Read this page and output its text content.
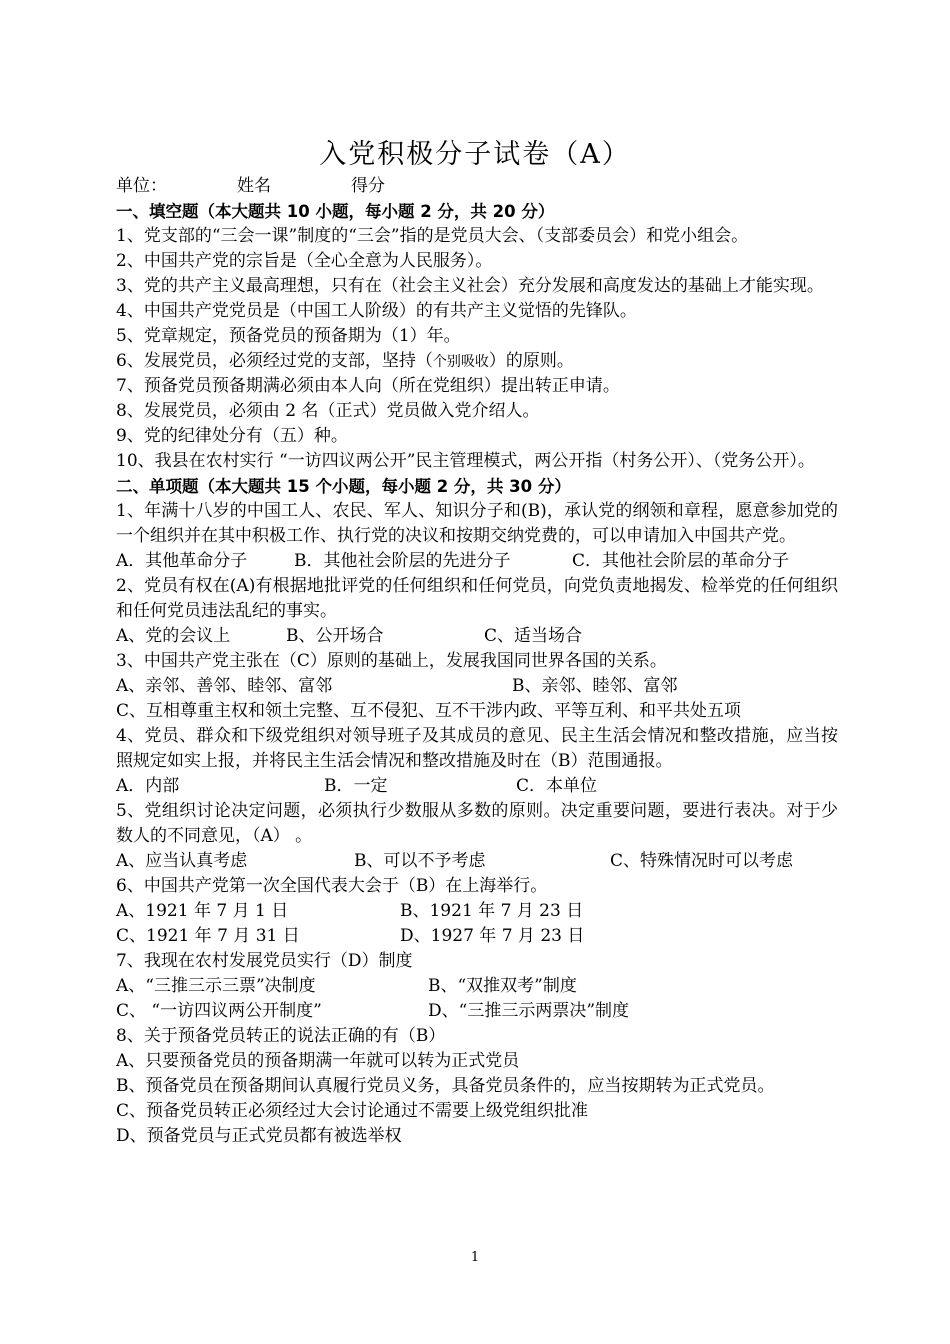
入党积极分子试卷（A）
单位：	姓名	得分
一、填空题（本大题共 10 小题，每小题 2 分，共 20 分）
1、党支部的“三会一课”制度的“三会”指的是党员大会、（支部委员会）和党小组会。
2、中国共产党的宗旨是（全心全意为人民服务）。
3、党的共产主义最高理想，只有在（社会主义社会）充分发展和高度发达的基础上才能实现。
4、中国共产党党员是（中国工人阶级）的有共产主义觉悟的先锋队。
5、党章规定，预备党员的预备期为（1）年。
6、发展党员，必须经过党的支部，坚持（个别吸收）的原则。
7、预备党员预备期满必须由本人向（所在党组织）提出转正申请。
8、发展党员，必须由 2 名（正式）党员做入党介绍人。
9、党的纪律处分有（五）种。
10、我县在农村实行 “一访四议两公开”民主管理模式，两公开指（村务公开）、（党务公开）。
二、单项题（本大题共 15 个小题，每小题 2 分，共 30 分）
1、年满十八岁的中国工人、农民、军人、知识分子和(B)，承认党的纲领和章程，愿意参加党的一个组织并在其中积极工作、执行党的决议和按期交纳党费的，可以申请加入中国共产党。
A．其他革命分子	B．其他社会阶层的先进分子	C．其他社会阶层的革命分子
2、党员有权在(A)有根据地批评党的任何组织和任何党员，向党负责地揭发、检举党的任何组织和任何党员违法乱纪的事实。
A、党的会议上	B、公开场合	C、适当场合
3、中国共产党主张在（C）原则的基础上，发展我国同世界各国的关系。
A、亲邻、善邻、睦邻、富邻	B、亲邻、睦邻、富邻
C、互相尊重主权和领土完整、互不侵犯、互不干涉内政、平等互利、和平共处五项
4、党员、群众和下级党组织对领导班子及其成员的意见、民主生活会情况和整改措施，应当按照规定如实上报，并将民主生活会情况和整改措施及时在（B）范围通报。
A．内部	B．一定	C．本单位
5、党组织讨论决定问题，必须执行少数服从多数的原则。决定重要问题，要进行表决。对于少数人的不同意见，（A） 。
A、应当认真考虑	B、可以不予考虑	C、特殊情况时可以考虑
6、中国共产党第一次全国代表大会于（B）在上海举行。
A、1921 年 7 月 1 日	B、1921 年 7 月 23 日
C、1921 年 7 月 31 日	D、1927 年 7 月 23 日
7、我现在农村发展党员实行（D）制度
A、“三推三示三票”决制度	B、“双推双考”制度
C、 “一访四议两公开制度”	D、“三推三示两票决”制度
8、关于预备党员转正的说法正确的有（B）
A、只要预备党员的预备期满一年就可以转为正式党员
B、预备党员在预备期间认真履行党员义务，具备党员条件的，应当按期转为正式党员。
C、预备党员转正必须经过大会讨论通过不需要上级党组织批准
D、预备党员与正式党员都有被选举权
1
